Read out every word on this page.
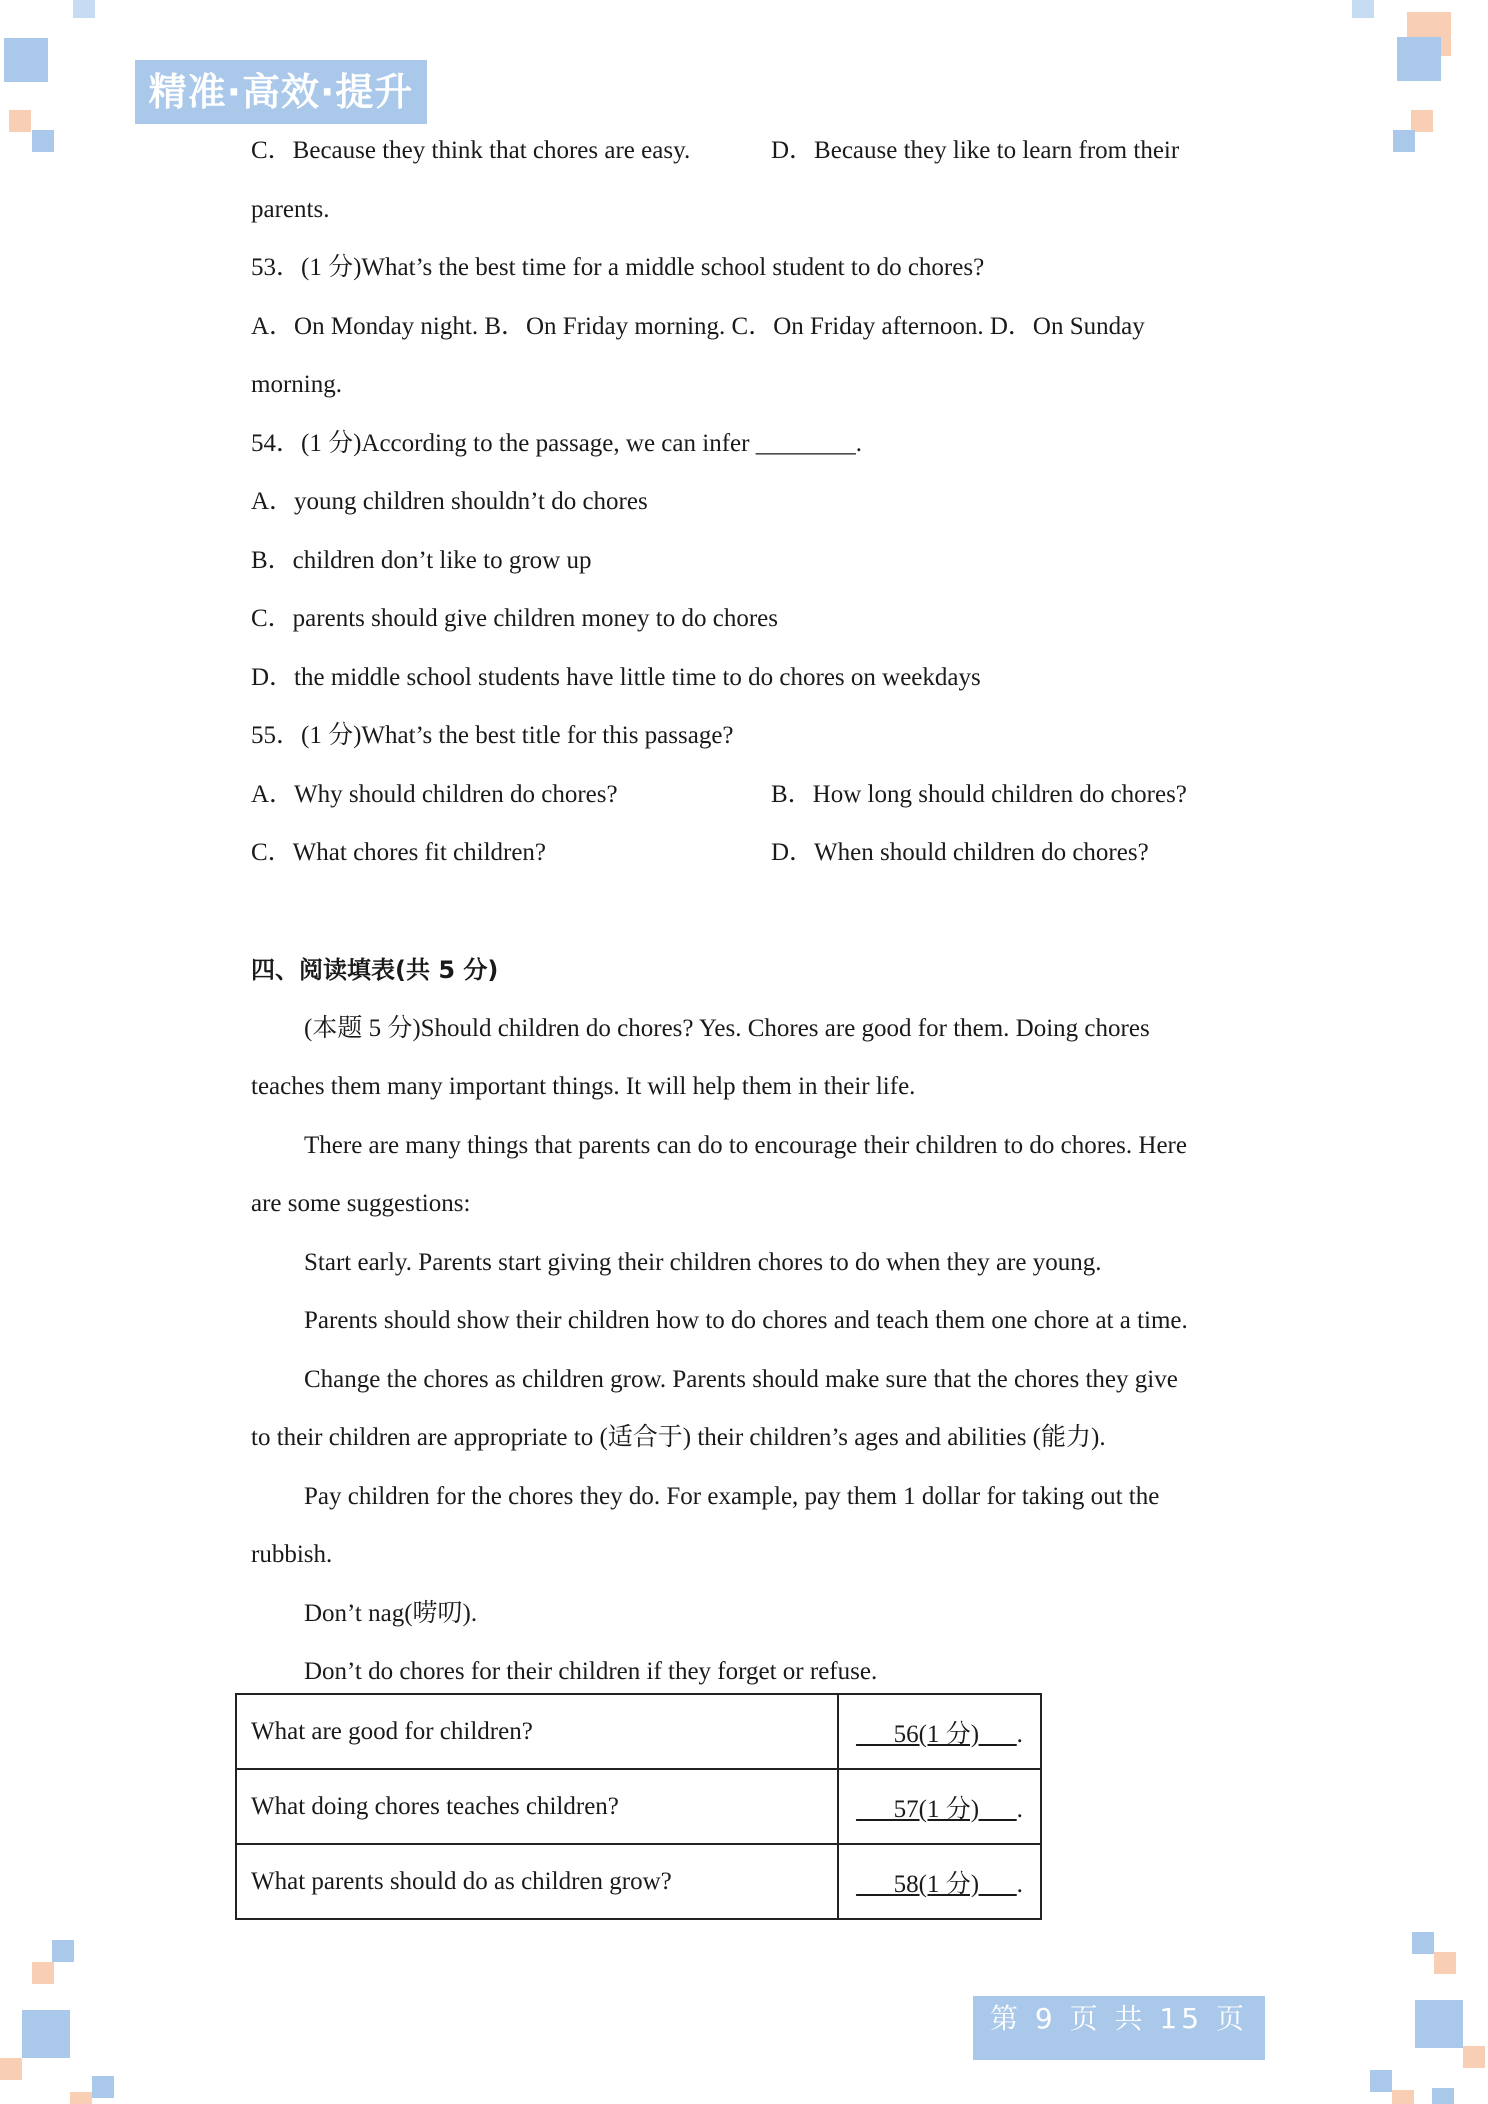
精准·高效·提升
C．Because they think that chores are easy.	D．Because they like to learn from their
parents.
53．(1 分)What’s the best time for a middle school student to do chores?
A．On Monday night. B．On Friday morning. C．On Friday afternoon. D．On Sunday
morning.
54．(1 分)According to the passage, we can infer ________.
A．young children shouldn’t do chores
B．children don’t like to grow up
C．parents should give children money to do chores
D．the middle school students have little time to do chores on weekdays
55．(1 分)What’s the best title for this passage?
A．Why should children do chores?	B．How long should children do chores?
C．What chores fit children?	D．When should children do chores?
四、阅读填表(共 5 分)
(本题 5 分)Should children do chores? Yes. Chores are good for them. Doing chores
teaches them many important things. It will help them in their life.
There are many things that parents can do to encourage their children to do chores. Here
are some suggestions:
Start early. Parents start giving their children chores to do when they are young.
Parents should show their children how to do chores and teach them one chore at a time.
Change the chores as children grow. Parents should make sure that the chores they give
to their children are appropriate to (适合于) their children’s ages and abilities (能力).
Pay children for the chores they do. For example, pay them 1 dollar for taking out the
rubbish.
Don’t nag(唠叨).
Don’t do chores for their children if they forget or refuse.
What are good for children?	___56(1 分)___.
What doing chores teaches children?	___57(1 分)___.
What parents should do as children grow?	___58(1 分)___.
第 9 页 共 15 页
